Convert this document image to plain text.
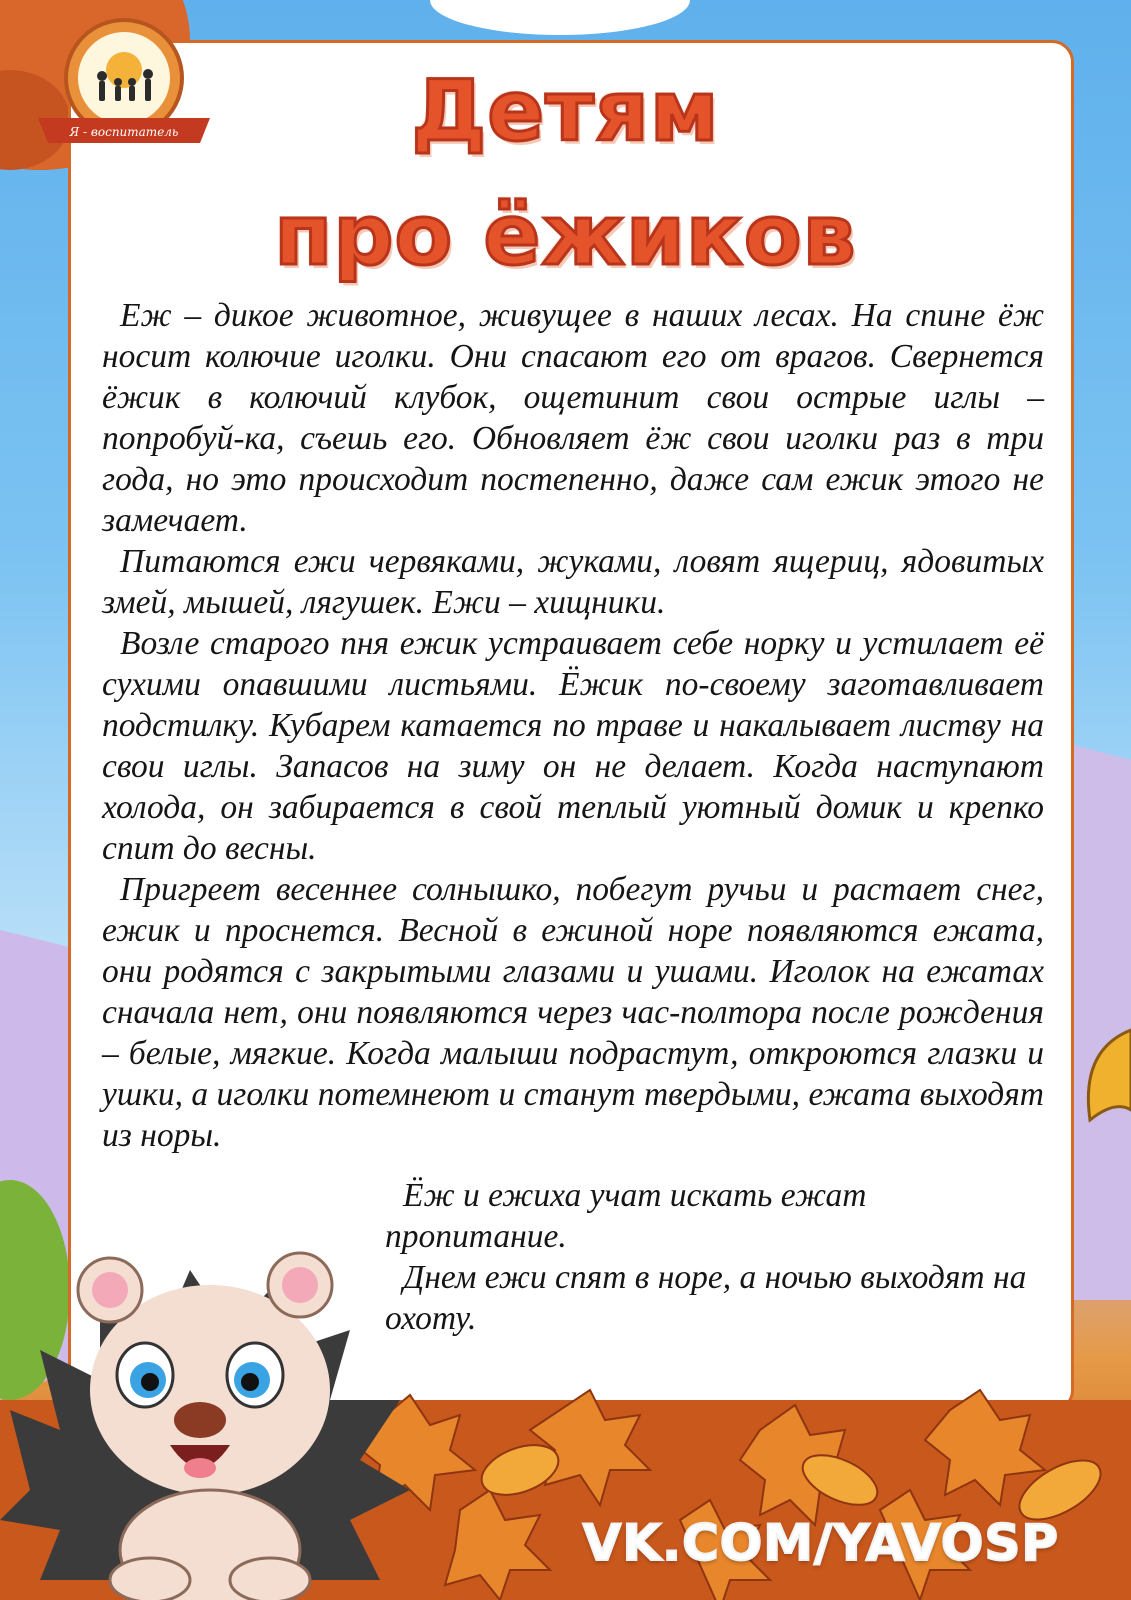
Я - воспитатель	Детям
про ёжиков

Еж – дикое животное, живущее в наших лесах. На спине ёж носит колючие иголки. Они спасают его от врагов. Свернется ёжик в колючий клубок, ощетинит свои острые иглы – попробуй-ка, съешь его. Обновляет ёж свои иголки раз в три года, но это происходит постепенно, даже сам ежик этого не замечает.

Питаются ежи червяками, жуками, ловят ящериц, ядовитых змей, мышей, лягушек. Ежи – хищники.

Возле старого пня ежик устраивает себе норку и устилает её сухими опавшими листьями. Ёжик по-своему заготавливает подстилку. Кубарем катается по траве и накалывает листву на свои иглы. Запасов на зиму он не делает. Когда наступают холода, он забирается в свой теплый уютный домик и крепко спит до весны.

Пригреет весеннее солнышко, побегут ручьи и растает снег, ежик и проснется. Весной в ежиной норе появляются ежата, они родятся с закрытыми глазами и ушами. Иголок на ежатах сначала нет, они появляются через час-полтора после рождения – белые, мягкие. Когда малыши подрастут, откроются глазки и ушки, а иголки потемнеют и станут твердыми, ежата выходят из норы.

Ёж и ежиха учат искать ежат пропитание.

Днем ежи спят в норе, а ночью выходят на охоту.

VK.COM/YAVOSP
